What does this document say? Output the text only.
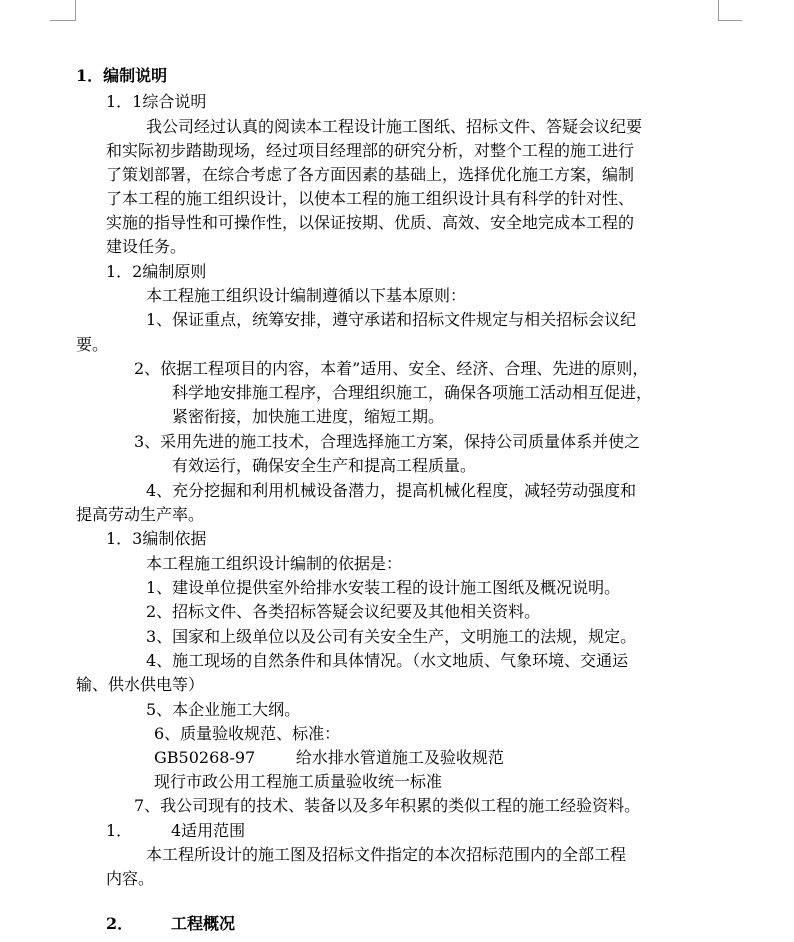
1．编制说明
1．1综合说明
我公司经过认真的阅读本工程设计施工图纸、招标文件、答疑会议纪要
和实际初步踏勘现场，经过项目经理部的研究分析，对整个工程的施工进行
了策划部署，在综合考虑了各方面因素的基础上，选择优化施工方案，编制
了本工程的施工组织设计，以使本工程的施工组织设计具有科学的针对性、
实施的指导性和可操作性，以保证按期、优质、高效、安全地完成本工程的
建设任务。
1．2编制原则
本工程施工组织设计编制遵循以下基本原则：
1、保证重点，统筹安排，遵守承诺和招标文件规定与相关招标会议纪
要。
2、依据工程项目的内容，本着”适用、安全、经济、合理、先进的原则，
科学地安排施工程序，合理组织施工，确保各项施工活动相互促进，
紧密衔接，加快施工进度，缩短工期。
3、采用先进的施工技术，合理选择施工方案，保持公司质量体系并使之
有效运行，确保安全生产和提高工程质量。
4、充分挖掘和利用机械设备潜力，提高机械化程度，减轻劳动强度和
提高劳动生产率。
1．3编制依据
本工程施工组织设计编制的依据是：
1、建设单位提供室外给排水安装工程的设计施工图纸及概况说明。
2、招标文件、各类招标答疑会议纪要及其他相关资料。
3、国家和上级单位以及公司有关安全生产，文明施工的法规，规定。
4、施工现场的自然条件和具体情况。（水文地质、气象环境、交通运
输、供水供电等）
5、本企业施工大纲。
6、质量验收规范、标准：
GB50268-97        给水排水管道施工及验收规范
现行市政公用工程施工质量验收统一标准
7、我公司现有的技术、装备以及多年积累的类似工程的施工经验资料。
1． 4适用范围
本工程所设计的施工图及招标文件指定的本次招标范围内的全部工程
内容。
2． 工程概况
